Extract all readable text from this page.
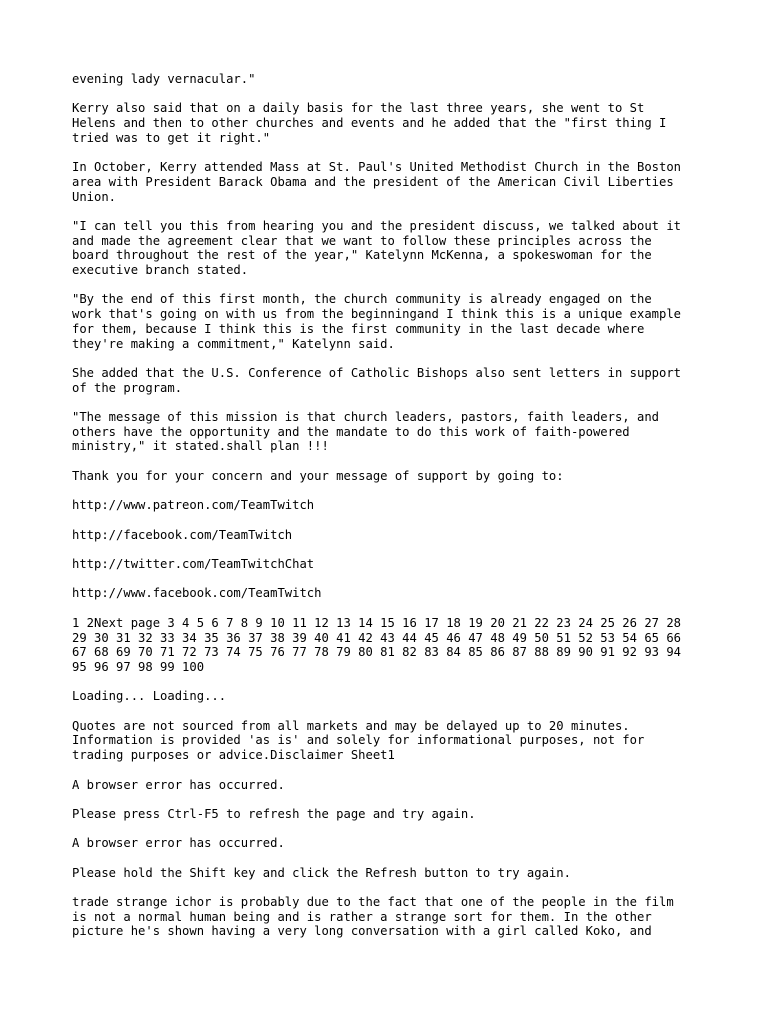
evening lady vernacular."

Kerry also said that on a daily basis for the last three years, she went to St
Helens and then to other churches and events and he added that the "first thing I
tried was to get it right."

In October, Kerry attended Mass at St. Paul's United Methodist Church in the Boston
area with President Barack Obama and the president of the American Civil Liberties
Union.

"I can tell you this from hearing you and the president discuss, we talked about it
and made the agreement clear that we want to follow these principles across the
board throughout the rest of the year," Katelynn McKenna, a spokeswoman for the
executive branch stated.

"By the end of this first month, the church community is already engaged on the
work that's going on with us from the beginningand I think this is a unique example
for them, because I think this is the first community in the last decade where
they're making a commitment," Katelynn said.

She added that the U.S. Conference of Catholic Bishops also sent letters in support
of the program.

"The message of this mission is that church leaders, pastors, faith leaders, and
others have the opportunity and the mandate to do this work of faith-powered
ministry," it stated.shall plan !!!

Thank you for your concern and your message of support by going to:

http://www.patreon.com/TeamTwitch

http://facebook.com/TeamTwitch

http://twitter.com/TeamTwitchChat

http://www.facebook.com/TeamTwitch

1 2Next page 3 4 5 6 7 8 9 10 11 12 13 14 15 16 17 18 19 20 21 22 23 24 25 26 27 28
29 30 31 32 33 34 35 36 37 38 39 40 41 42 43 44 45 46 47 48 49 50 51 52 53 54 65 66
67 68 69 70 71 72 73 74 75 76 77 78 79 80 81 82 83 84 85 86 87 88 89 90 91 92 93 94
95 96 97 98 99 100

Loading... Loading...

Quotes are not sourced from all markets and may be delayed up to 20 minutes.
Information is provided 'as is' and solely for informational purposes, not for
trading purposes or advice.Disclaimer Sheet1

A browser error has occurred.

Please press Ctrl-F5 to refresh the page and try again.

A browser error has occurred.

Please hold the Shift key and click the Refresh button to try again.

trade strange ichor is probably due to the fact that one of the people in the film
is not a normal human being and is rather a strange sort for them. In the other
picture he's shown having a very long conversation with a girl called Koko, and
